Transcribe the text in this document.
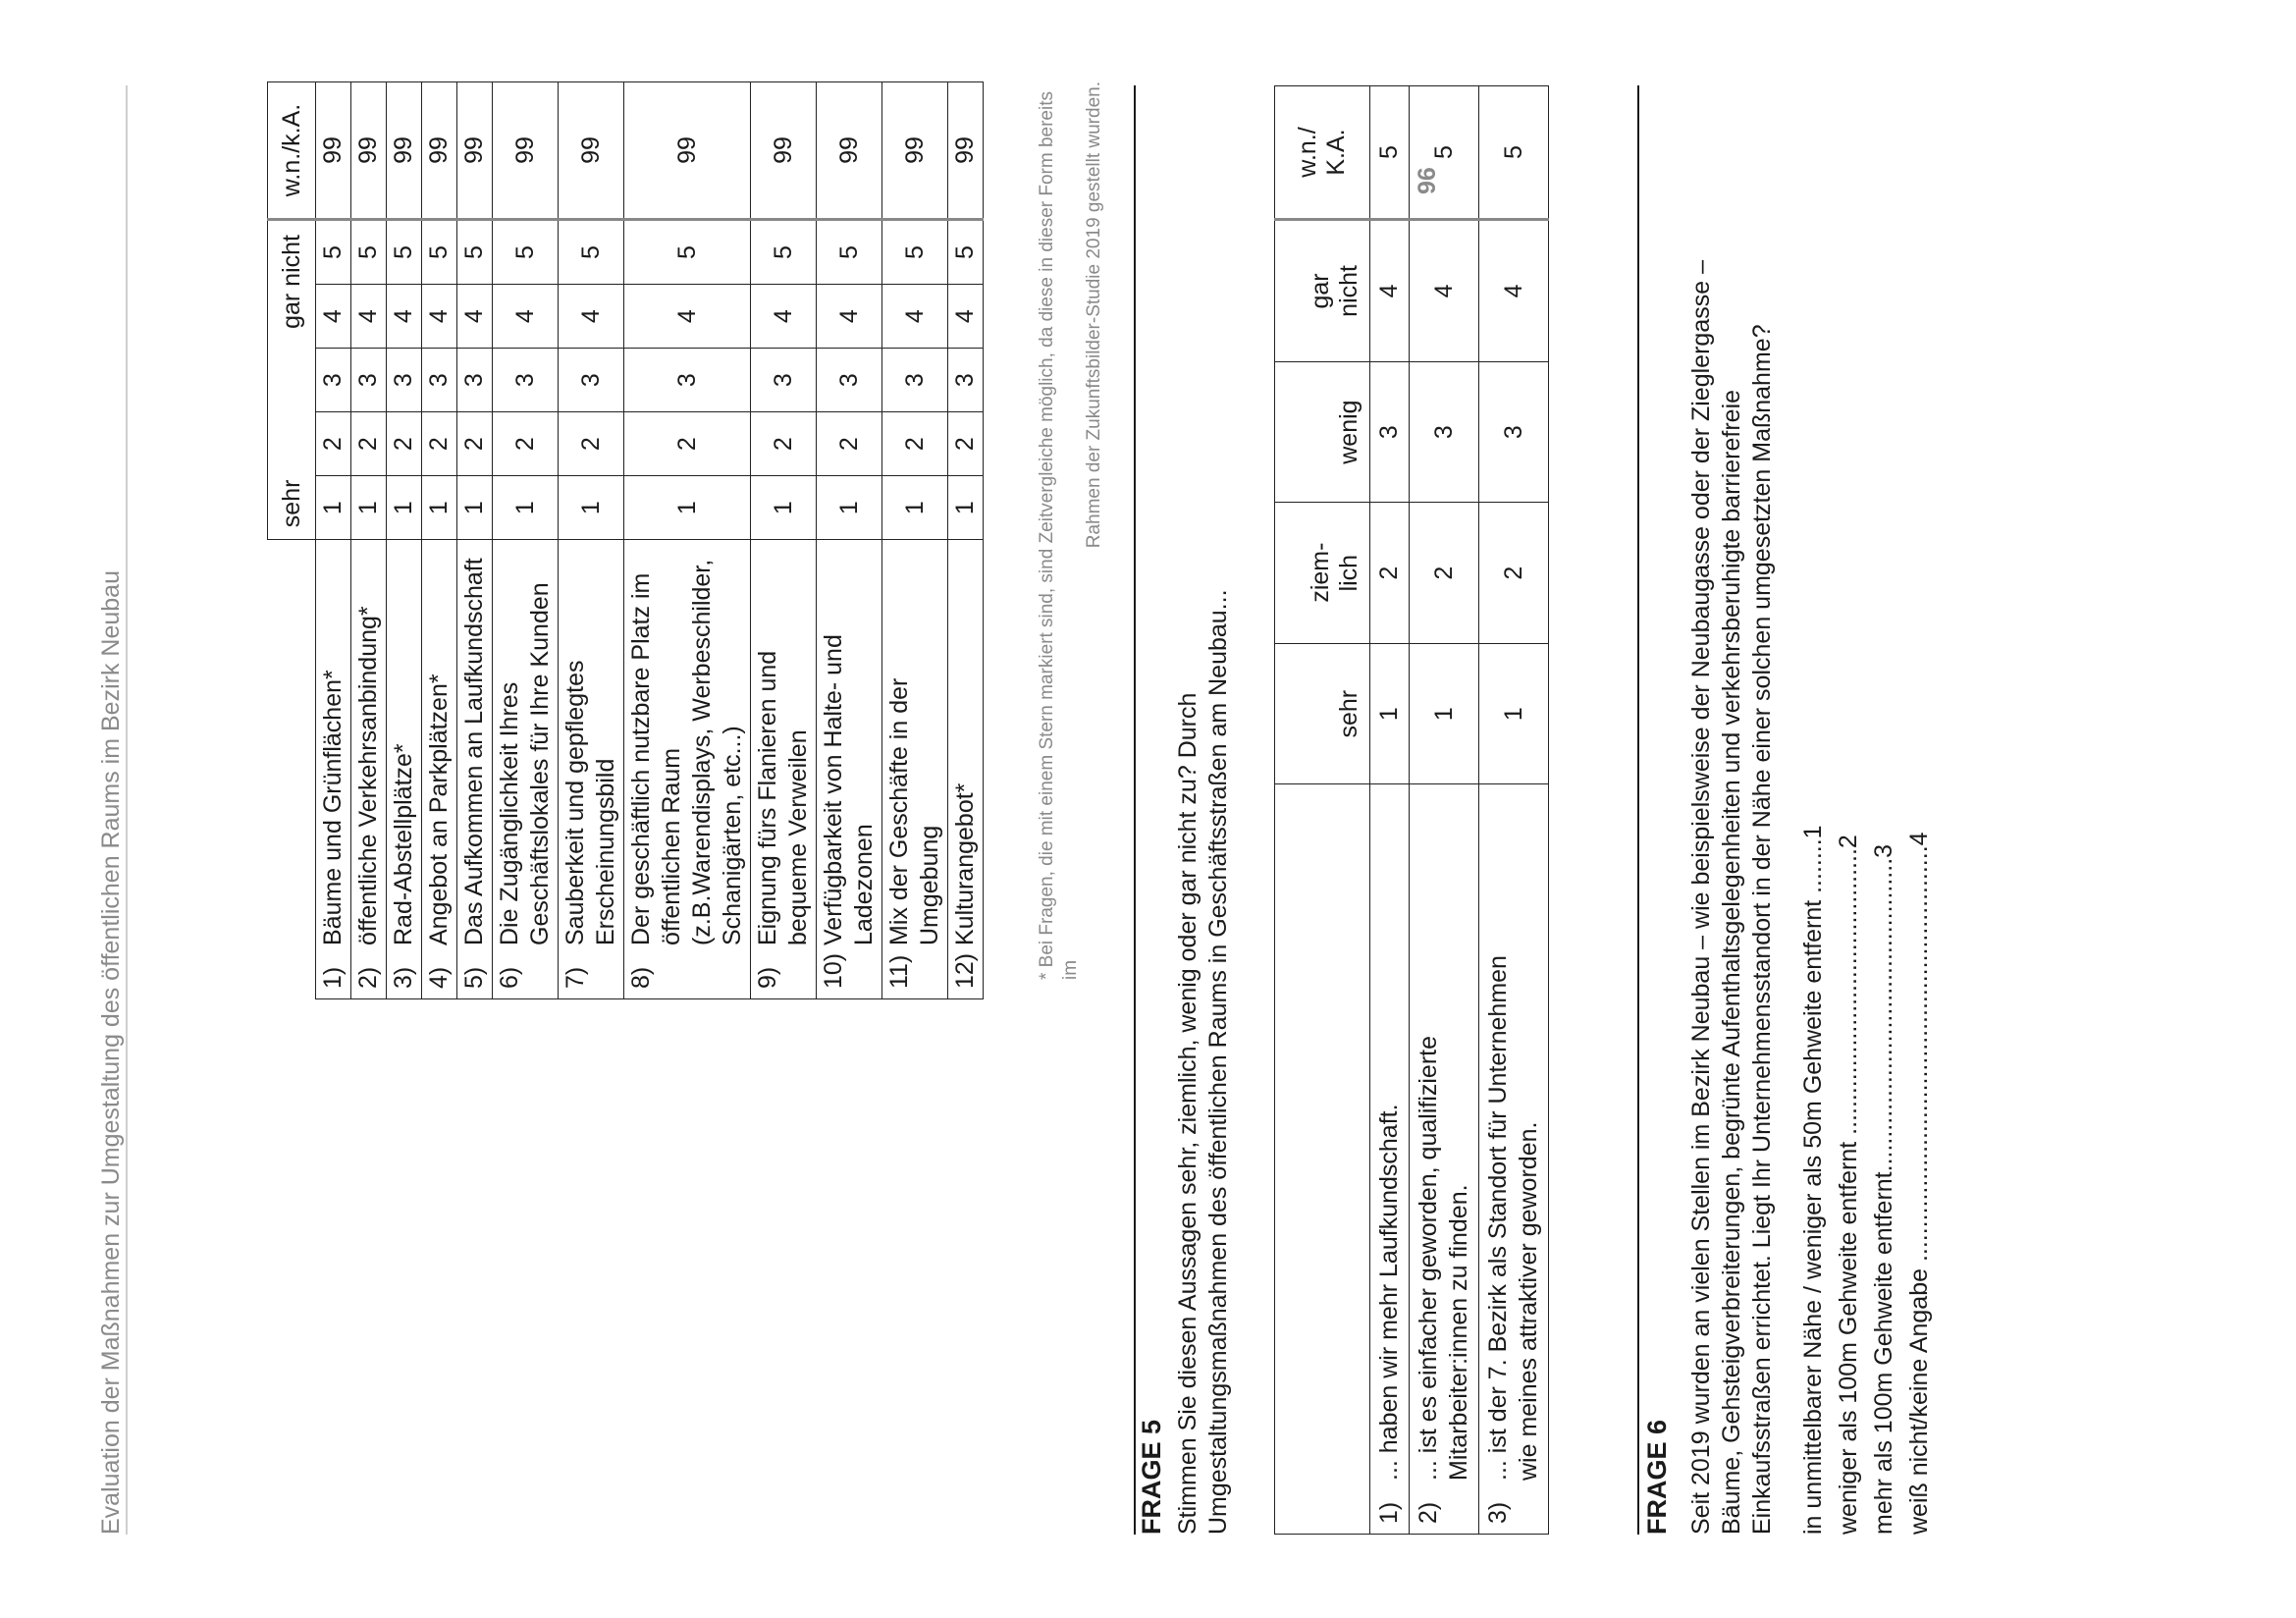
Evaluation der Maßnahmen zur Umgestaltung des öffentlichen Raums im Bezirk Neubau
	sehr			gar nicht		w.n./k.A.
1)Bäume und Grünflächen*	1	2	3	4	5	99
2)öffentliche Verkehrsanbindung*	1	2	3	4	5	99
3)Rad-Abstellplätze*	1	2	3	4	5	99
4)Angebot an Parkplätzen*	1	2	3	4	5	99
5)Das Aufkommen an Laufkundschaft	1	2	3	4	5	99
6)Die Zugänglichkeit Ihres Geschäftslokales für Ihre Kunden	1	2	3	4	5	99
7)Sauberkeit und gepflegtes Erscheinungsbild	1	2	3	4	5	99
8)Der geschäftlich nutzbare Platz im öffentlichen Raum (z.B.Warendisplays, Werbeschilder, Schanigärten, etc...)	1	2	3	4	5	99
9)Eignung fürs Flanieren und bequeme Verweilen	1	2	3	4	5	99
10)Verfügbarkeit von Halte- und Ladezonen	1	2	3	4	5	99
11)Mix der Geschäfte in der Umgebung	1	2	3	4	5	99
12)Kulturangebot*	1	2	3	4	5	99	* Bei Fragen, die mit einem Stern markiert sind, sind Zeitvergleiche möglich, da diese in dieser Form bereits im
Rahmen der Zukunftsbilder-Studie 2019 gestellt wurden.
FRAGE 5 Stimmen Sie diesen Aussagen sehr, ziemlich, wenig oder gar nicht zu? Durch Umgestaltungsmaßnahmen des öffentlichen Raums in Geschäftsstraßen am Neubau...
		sehr	ziem-lich	wenig	gar nicht	w.n./ K.A.

1)... haben wir mehr Laufkundschaft.	1	2	3	4	5
2)... ist es einfacher geworden, qualifizierte Mitarbeiter:innen zu finden.	1	2	3	4	5
3)... ist der 7. Bezirk als Standort für Unternehmen wie meines attraktiver geworden.	1	2	3	4	5
FRAGE 6 Seit 2019 wurden an vielen Stellen im Bezirk Neubau – wie beispielsweise der Neubaugasse oder der Zieglergasse – Bäume, Gehsteigverbreiterungen, begrünte Aufenthaltsgelegenheiten und verkehrsberuhigte barrierefreie Einkaufsstraßen errichtet. Liegt Ihr Unternehmensstandort in der Nähe einer solchen umgesetzten Maßnahme? in unmittelbarer Nähe / weniger als 50m Gehweite entfernt ........1 weniger als 100m Gehweite entfernt ..........................................2 mehr als 100m Gehweite entfernt..............................................3 weiß nicht/keine Angabe .............................................................4
96
